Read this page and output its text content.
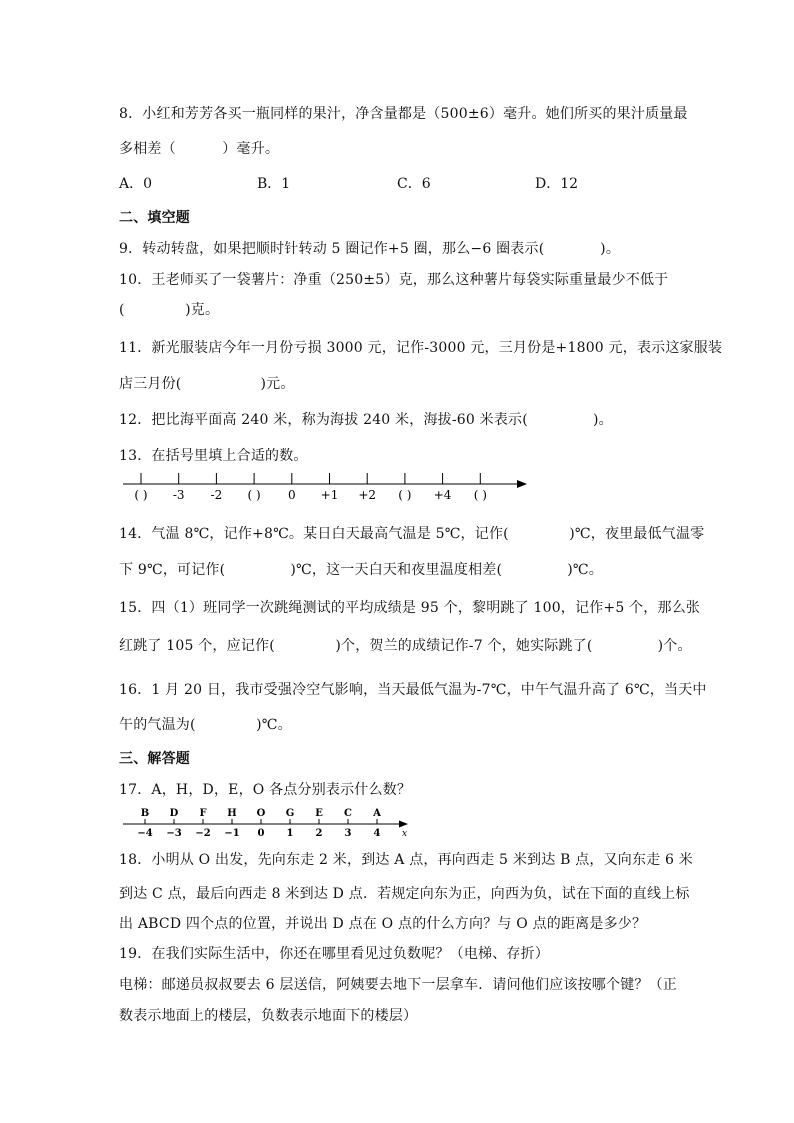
8．小红和芳芳各买一瓶同样的果汁，净含量都是（500±6）毫升。她们所买的果汁质量最
多相差（          ）毫升。
A．0	B．1	C．6	D．12
二、填空题
9．转动转盘，如果把顺时针转动 5 圈记作+5 圈，那么−6 圈表示(            )。
10．王老师买了一袋薯片：净重（250±5）克，那么这种薯片每袋实际重量最少不低于
(             )克。
11．新光服装店今年一月份亏损 3000 元，记作-3000 元，三月份是+1800 元，表示这家服装
店三月份(                 )元。
12．把比海平面高 240 米，称为海拔 240 米，海拔-60 米表示(              )。
13．在括号里填上合适的数。
( ) -3 -2 ( ) 0 +1 +2 ( ) +4 ( )
14．气温 8℃，记作+8℃。某日白天最高气温是 5℃，记作(             )℃，夜里最低气温零
下 9℃，可记作(              )℃，这一天白天和夜里温度相差(              )℃。
15．四（1）班同学一次跳绳测试的平均成绩是 95 个，黎明跳了 100，记作+5 个，那么张
红跳了 105 个，应记作(             )个，贺兰的成绩记作-7 个，她实际跳了(              )个。
16．1 月 20 日，我市受强冷空气影响，当天最低气温为-7℃，中午气温升高了 6℃，当天中
午的气温为(             )℃。
三、解答题
17．A，H，D，E，O 各点分别表示什么数？
x
B D F H O G E C A
−4 −3 −2 −1 0 1 2 3 4
18．小明从 O 出发，先向东走 2 米，到达 A 点，再向西走 5 米到达 B 点，又向东走 6 米
到达 C 点，最后向西走 8 米到达 D 点．若规定向东为正，向西为负，试在下面的直线上标
出 ABCD 四个点的位置，并说出 D 点在 O 点的什么方向？与 O 点的距离是多少？
19．在我们实际生活中，你还在哪里看见过负数呢？（电梯、存折）
电梯：邮递员叔叔要去 6 层送信，阿姨要去地下一层拿车．请问他们应该按哪个键？（正
数表示地面上的楼层，负数表示地面下的楼层）
